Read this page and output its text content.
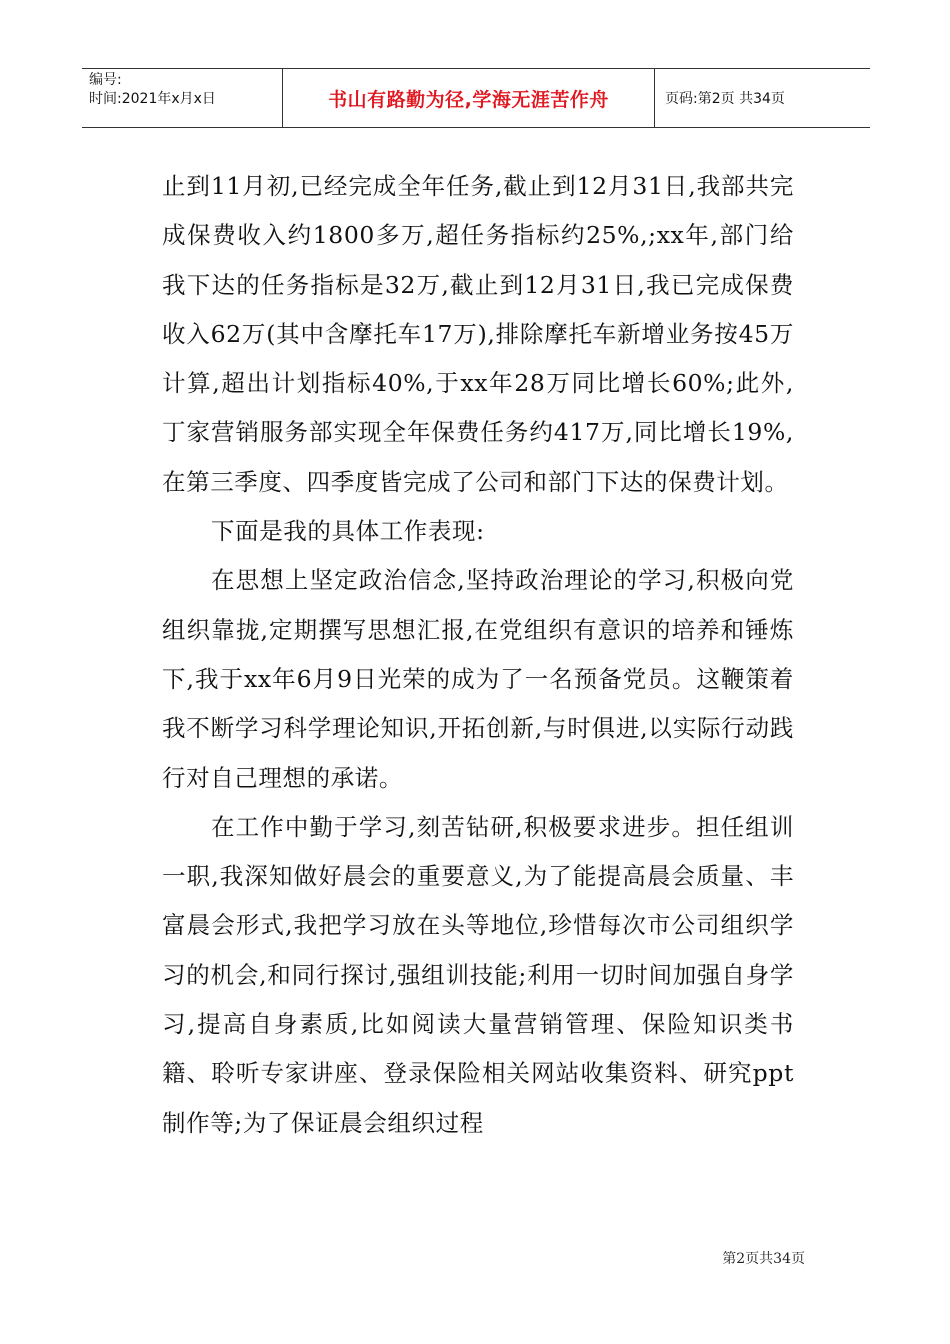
编号:
时间:2021年x月x日	书山有路勤为径,学海无涯苦作舟	页码:第2页 共34页

止到11月初,已经完成全年任务,截止到12月31日,我部共完成保费收入约1800多万,超任务指标约25%,;xx年,部门给我下达的任务指标是32万,截止到12月31日,我已完成保费收入62万(其中含摩托车17万),排除摩托车新增业务按45万计算,超出计划指标40%,于xx年28万同比增长60%;此外,丁家营销服务部实现全年保费任务约417万,同比增长19%,在第三季度、四季度皆完成了公司和部门下达的保费计划。

下面是我的具体工作表现:

在思想上坚定政治信念,坚持政治理论的学习,积极向党组织靠拢,定期撰写思想汇报,在党组织有意识的培养和锤炼下,我于xx年6月9日光荣的成为了一名预备党员。这鞭策着我不断学习科学理论知识,开拓创新,与时俱进,以实际行动践行对自己理想的承诺。

在工作中勤于学习,刻苦钻研,积极要求进步。担任组训一职,我深知做好晨会的重要意义,为了能提高晨会质量、丰富晨会形式,我把学习放在头等地位,珍惜每次市公司组织学习的机会,和同行探讨,强组训技能;利用一切时间加强自身学习,提高自身素质,比如阅读大量营销管理、保险知识类书籍、聆听专家讲座、登录保险相关网站收集资料、研究ppt制作等;为了保证晨会组织过程

第2页共34页
